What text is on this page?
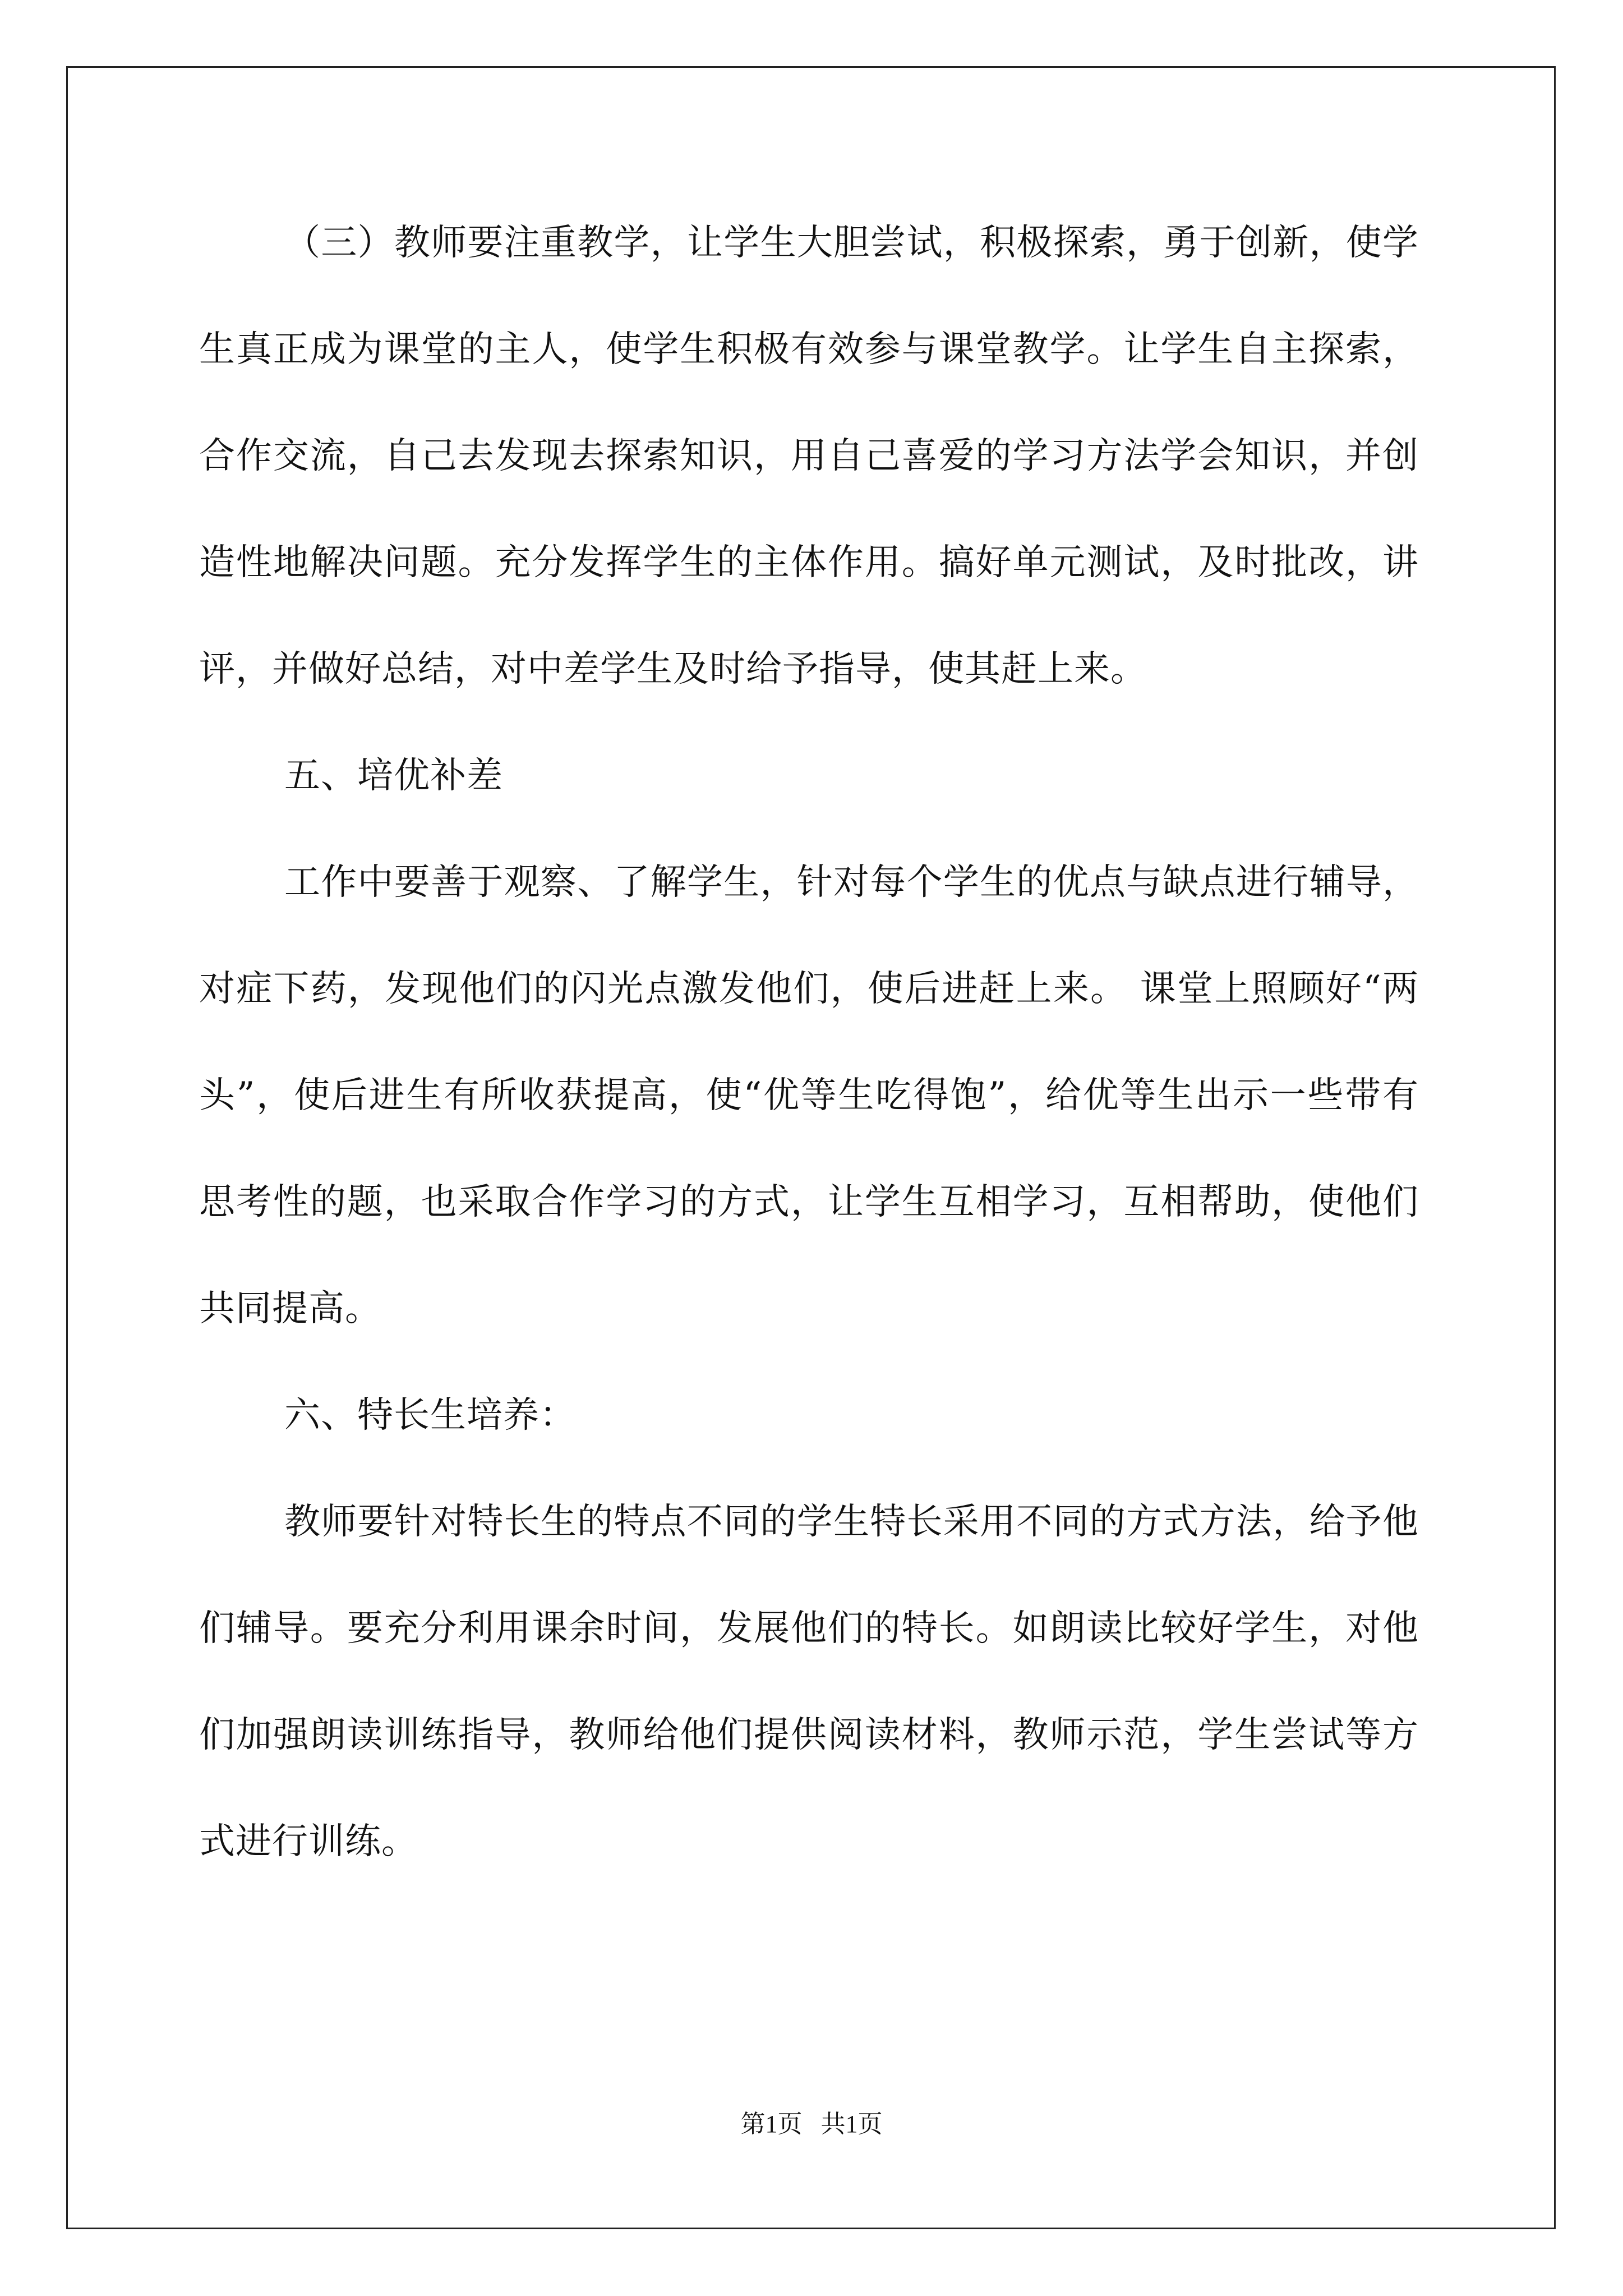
（三）教师要注重教学，让学生大胆尝试，积极探索，勇于创新，使学生真正成为课堂的主人，使学生积极有效参与课堂教学。让学生自主探索，合作交流，自己去发现去探索知识，用自己喜爱的学习方法学会知识，并创造性地解决问题。充分发挥学生的主体作用。搞好单元测试，及时批改，讲评，并做好总结，对中差学生及时给予指导，使其赶上来。

五、培优补差

工作中要善于观察、了解学生，针对每个学生的优点与缺点进行辅导，对症下药，发现他们的闪光点激发他们，使后进赶上来。 课堂上照顾好“两头”，使后进生有所收获提高，使“优等生吃得饱”，给优等生出示一些带有思考性的题，也采取合作学习的方式，让学生互相学习，互相帮助，使他们共同提高。

六、特长生培养：

教师要针对特长生的特点不同的学生特长采用不同的方式方法，给予他们辅导。要充分利用课余时间，发展他们的特长。如朗读比较好学生，对他们加强朗读训练指导，教师给他们提供阅读材料，教师示范，学生尝试等方式进行训练。

第1页 共1页
